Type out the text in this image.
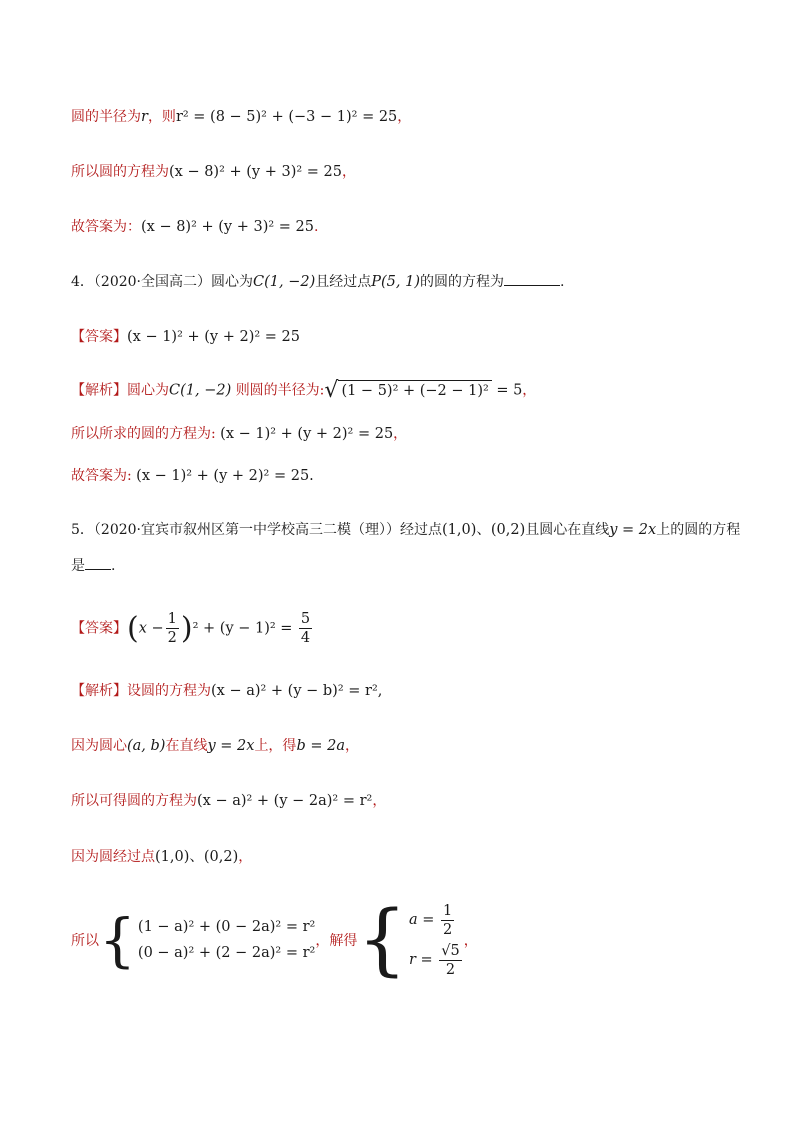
圆的半径为r，则r² = (8 − 5)² + (−3 − 1)² = 25，
所以圆的方程为(x − 8)² + (y + 3)² = 25，
故答案为：(x − 8)² + (y + 3)² = 25.
4．（2020·全国高二）圆心为C(1, −2)且经过点P(5, 1)的圆的方程为	.
【答案】(x − 1)² + (y + 2)² = 25
【解析】圆心为C(1, −2) 则圆的半径为:√ (1 − 5)² + (−2 − 1)² = 5，
所以所求的圆的方程为: (x − 1)² + (y + 2)² = 25，
故答案为: (x − 1)² + (y + 2)² = 25.
5．（2020·宜宾市叙州区第一中学校高三二模（理））经过点(1,0)、(0,2)且圆心在直线y = 2x上的圆的方程
是 .
【答案】$(x - \frac{1}{2} )^2 + (y - 1)^2 = \frac{5}{4}$
【解析】设圆的方程为(x − a)² + (y − b)² = r²,
因为圆心(a, b)在直线y = 2x上，得b = 2a，
所以可得圆的方程为(x − a)² + (y − 2a)² = r²，
因为圆经过点(1,0)、(0,2)，
所以 { (1 − a)² + (0 − 2a)² = r²
(0 − a)² + (2 − 2a)² = r²
，解得 { $a = \frac{1}{2}$
$r = \frac{√5}{2}$
，
